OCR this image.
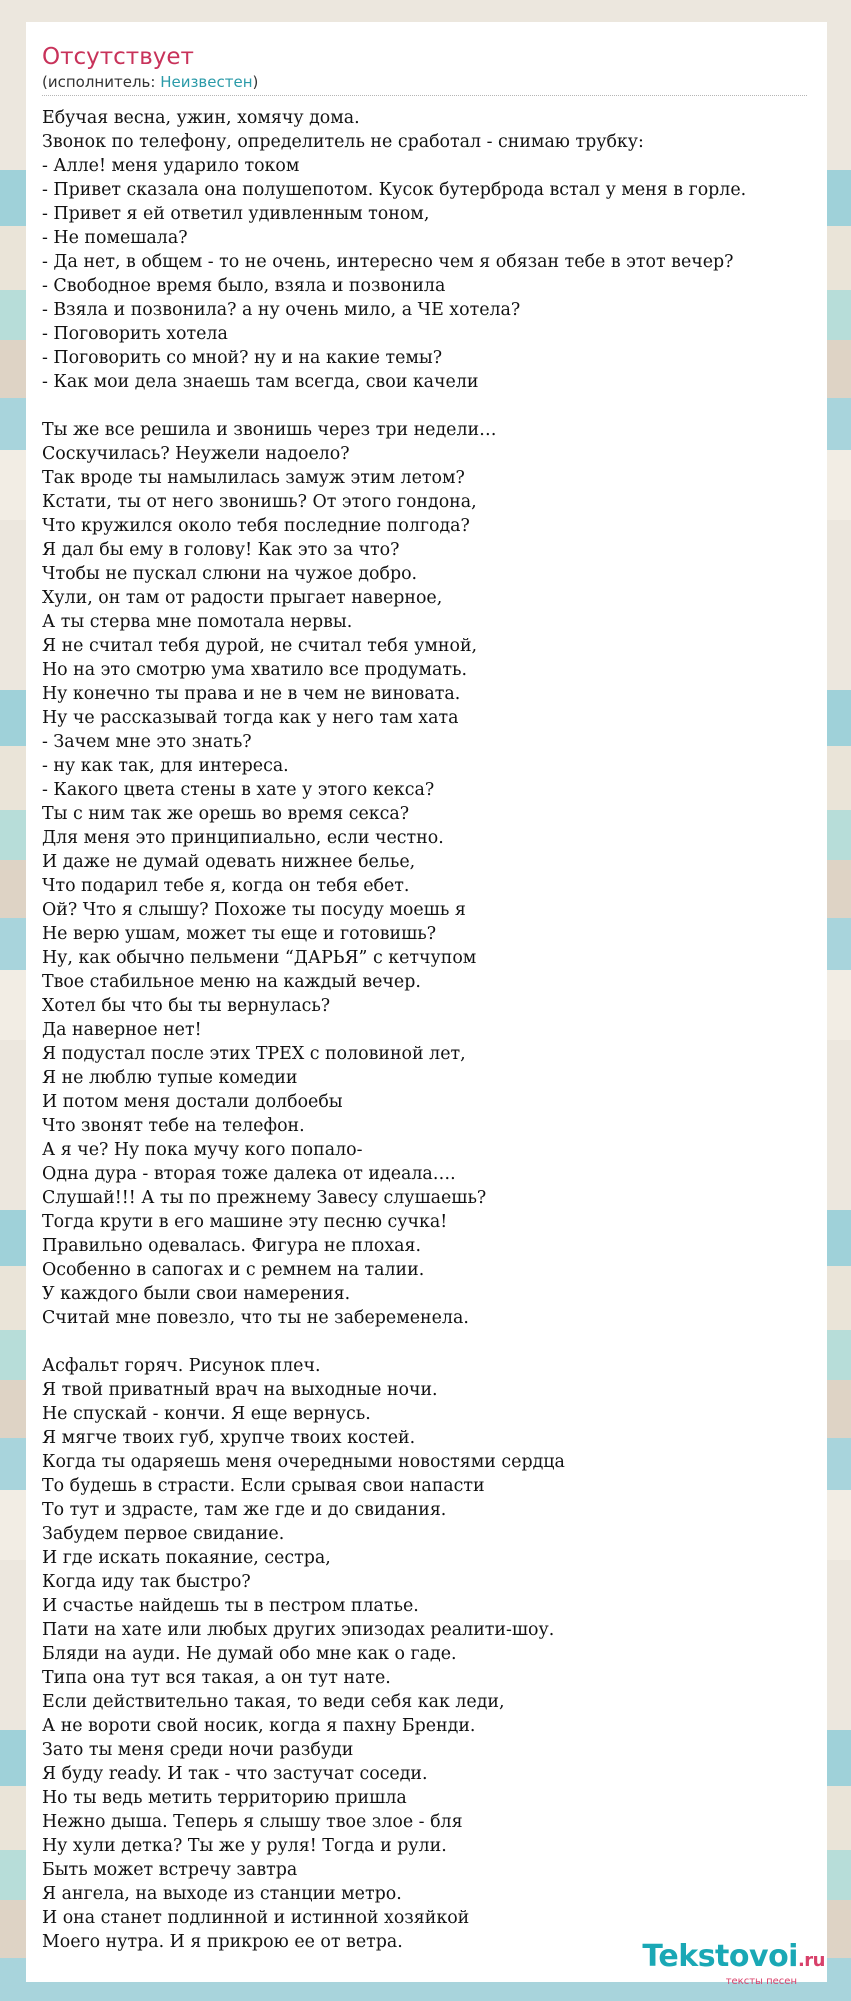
Отсутствует
(исполнитель: Неизвестен)
Ебучая весна, ужин, хомячу дома.
Звонок по телефону, определитель не сработал - снимаю трубку:
- Алле! меня ударило током
- Привет сказала она полушепотом. Кусок бутерброда встал у меня в горле.
- Привет я ей ответил удивленным тоном,
- Не помешала?
- Да нет, в общем - то не очень, интересно чем я обязан тебе в этот вечер?
- Свободное время было, взяла и позвонила
- Взяла и позвонила? а ну очень мило, а ЧЕ хотела?
- Поговорить хотела
- Поговорить со мной? ну и на какие темы?
- Как мои дела знаешь там всегда, свои качели

Ты же все решила и звонишь через три недели…
Соскучилась? Неужели надоело?
Так вроде ты намылилась замуж этим летом?
Кстати, ты от него звонишь? От этого гондона,
Что кружился около тебя последние полгода?
Я дал бы ему в голову! Как это за что?
Чтобы не пускал слюни на чужое добро.
Хули, он там от радости прыгает наверное,
А ты стерва мне помотала нервы.
Я не считал тебя дурой, не считал тебя умной,
Но на это смотрю ума хватило все продумать.
Ну конечно ты права и не в чем не виновата.
Ну че рассказывай тогда как у него там хата
- Зачем мне это знать?
- ну как так, для интереса.
- Какого цвета стены в хате у этого кекса?
Ты с ним так же орешь во время секса?
Для меня это принципиально, если честно.
И даже не думай одевать нижнее белье,
Что подарил тебе я, когда он тебя ебет.
Ой? Что я слышу? Похоже ты посуду моешь я
Не верю ушам, может ты еще и готовишь?
Ну, как обычно пельмени “ДАРЬЯ” с кетчупом
Твое стабильное меню на каждый вечер.
Хотел бы что бы ты вернулась?
Да наверное нет!
Я подустал после этих ТРЕХ с половиной лет,
Я не люблю тупые комедии
И потом меня достали долбоебы
Что звонят тебе на телефон.
А я че? Ну пока мучу кого попало-
Одна дура - вторая тоже далека от идеала….
Слушай!!! А ты по прежнему Завесу слушаешь?
Тогда крути в его машине эту песню сучка!
Правильно одевалась. Фигура не плохая.
Особенно в сапогах и с ремнем на талии.
У каждого были свои намерения.
Считай мне повезло, что ты не забеременела.

Асфальт горяч. Рисунок плеч.
Я твой приватный врач на выходные ночи.
Не спускай - кончи. Я еще вернусь.
Я мягче твоих губ, хрупче твоих костей.
Когда ты одаряешь меня очередными новостями сердца
То будешь в страсти. Если срывая свои напасти
То тут и здрасте, там же где и до свидания.
Забудем первое свидание.
И где искать покаяние, сестра,
Когда иду так быстро?
И счастье найдешь ты в пестром платье.
Пати на хате или любых других эпизодах реалити-шоу.
Бляди на ауди. Не думай обо мне как о гаде.
Типа она тут вся такая, а он тут нате.
Если действительно такая, то веди себя как леди,
А не вороти свой носик, когда я пахну Бренди.
Зато ты меня среди ночи разбуди
Я буду ready. И так - что застучат соседи.
Но ты ведь метить территорию пришла
Нежно дыша. Теперь я слышу твое злое - бля
Ну хули детка? Ты же у руля! Тогда и рули.
Быть может встречу завтра
Я ангела, на выходе из станции метро.
И она станет подлинной и истинной хозяйкой
Моего нутра. И я прикрою ее от ветра.	Tekstovoi.ru
тексты песен
